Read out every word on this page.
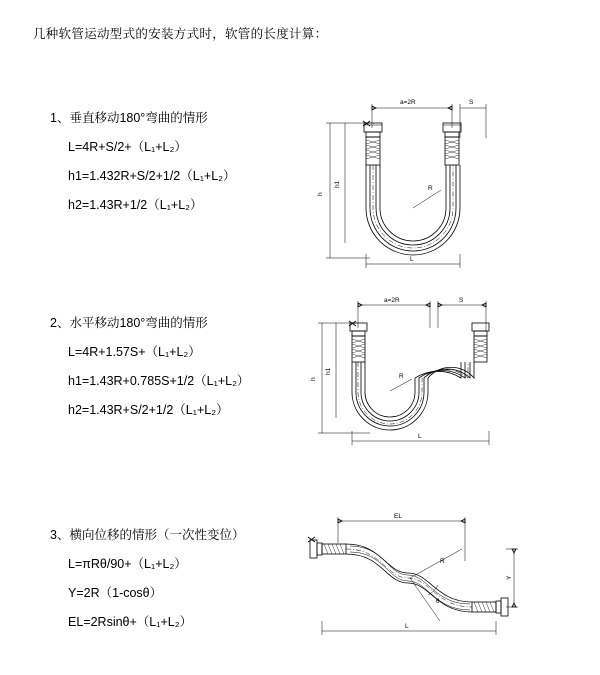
几种软管运动型式的安装方式时，软管的长度计算：
1、垂直移动180°弯曲的情形
L=4R+S/2+（L₁+L₂）
h1=1.432R+S/2+1/2（L₁+L₂）
h2=1.43R+1/2（L₁+L₂）
a=2R	S
h
h1
R
L
2、水平移动180°弯曲的情形
L=4R+1.57S+（L₁+L₂）
h1=1.43R+0.785S+1/2（L₁+L₂）
h2=1.43R+S/2+1/2（L₁+L₂）
a=2R	S
h
h1
R
L
3、横向位移的情形（一次性变位）
L=πRθ/90+（L₁+L₂）
Y=2R（1-cosθ）
EL=2Rsinθ+（L₁+L₂）
EL
Y
R
θ
L
